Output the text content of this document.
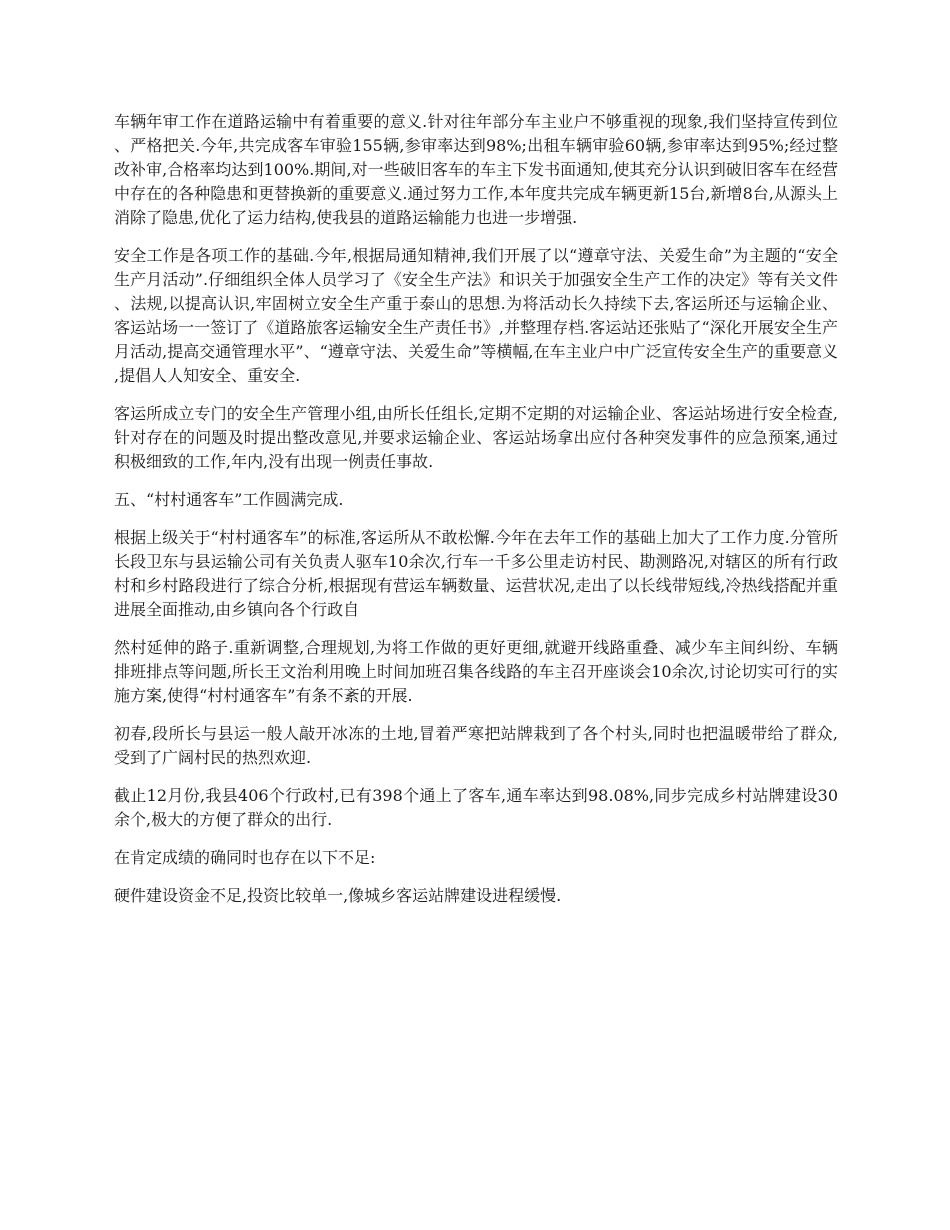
车辆年审工作在道路运输中有着重要的意义.针对往年部分车主业户不够重视的现象,我们坚持宣传到位、严格把关.今年,共完成客车审验155辆,参审率达到98%;出租车辆审验60辆,参审率达到95%;经过整改补审,合格率均达到100%.期间,对一些破旧客车的车主下发书面通知,使其充分认识到破旧客车在经营中存在的各种隐患和更替换新的重要意义.通过努力工作,本年度共完成车辆更新15台,新增8台,从源头上消除了隐患,优化了运力结构,使我县的道路运输能力也进一步增强.

安全工作是各项工作的基础.今年,根据局通知精神,我们开展了以“遵章守法、关爱生命”为主题的“安全生产月活动”.仔细组织全体人员学习了《安全生产法》和识关于加强安全生产工作的决定》等有关文件、法规,以提高认识,牢固树立安全生产重于泰山的思想.为将活动长久持续下去,客运所还与运输企业、客运站场一一签订了《道路旅客运输安全生产责任书》,并整理存档.客运站还张贴了“深化开展安全生产月活动,提高交通管理水平”、“遵章守法、关爱生命”等横幅,在车主业户中广泛宣传安全生产的重要意义,提倡人人知安全、重安全.

客运所成立专门的安全生产管理小组,由所长任组长,定期不定期的对运输企业、客运站场进行安全检查,针对存在的问题及时提出整改意见,并要求运输企业、客运站场拿出应付各种突发事件的应急预案,通过积极细致的工作,年内,没有出现一例责任事故.

五、“村村通客车”工作圆满完成.

根据上级关于“村村通客车”的标准,客运所从不敢松懈.今年在去年工作的基础上加大了工作力度.分管所长段卫东与县运输公司有关负责人驱车10余次,行车一千多公里走访村民、勘测路况,对辖区的所有行政村和乡村路段进行了综合分析,根据现有营运车辆数量、运营状况,走出了以长线带短线,冷热线搭配并重进展全面推动,由乡镇向各个行政自

然村延伸的路子.重新调整,合理规划,为将工作做的更好更细,就避开线路重叠、减少车主间纠纷、车辆排班排点等问题,所长王文治利用晚上时间加班召集各线路的车主召开座谈会10余次,讨论切实可行的实施方案,使得“村村通客车”有条不紊的开展.

初春,段所长与县运一般人敲开冰冻的土地,冒着严寒把站牌栽到了各个村头,同时也把温暖带给了群众,受到了广阔村民的热烈欢迎.

截止12月份,我县406个行政村,已有398个通上了客车,通车率达到98.08%,同步完成乡村站牌建设30余个,极大的方便了群众的出行.

在肯定成绩的确同时也存在以下不足:

硬件建设资金不足,投资比较单一,像城乡客运站牌建设进程缓慢.
